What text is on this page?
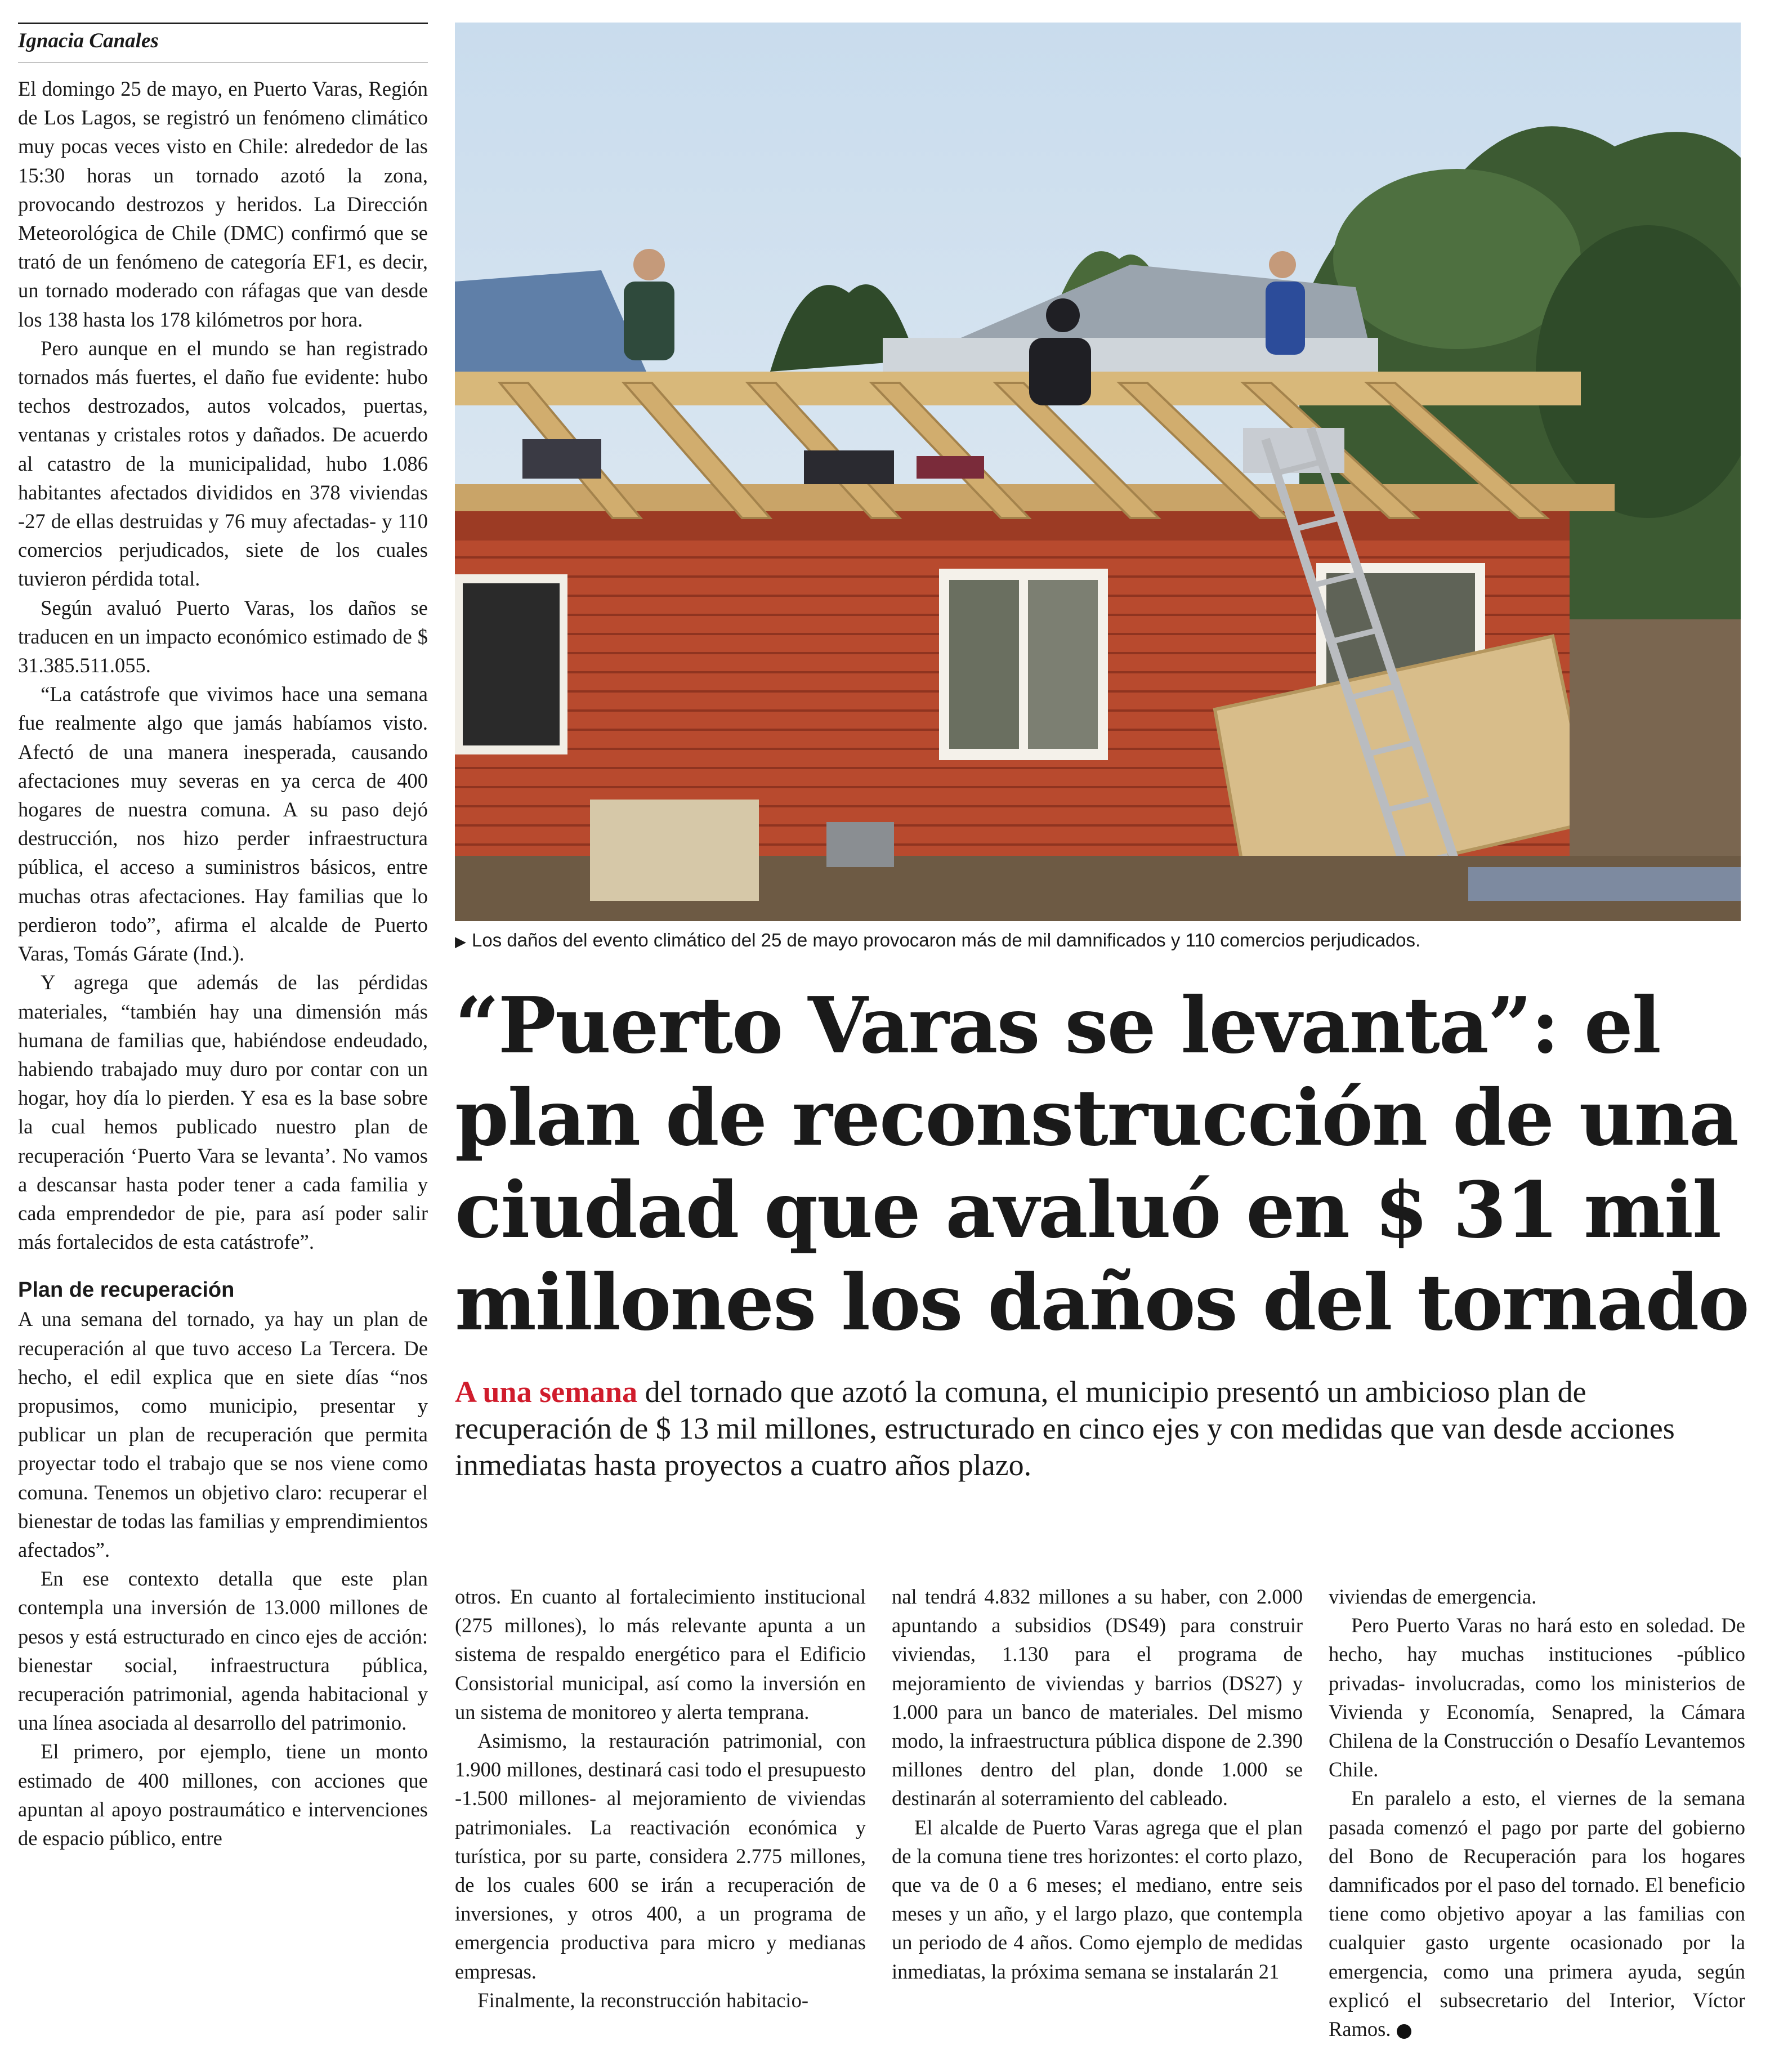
Ignacia Canales

El domingo 25 de mayo, en Puerto Varas, Región de Los Lagos, se registró un fenómeno climático muy pocas veces visto en Chile: alrededor de las 15:30 horas un tornado azotó la zona, provocando destrozos y heridos. La Dirección Meteorológica de Chile (DMC) confirmó que se trató de un fenómeno de categoría EF1, es decir, un tornado moderado con ráfagas que van desde los 138 hasta los 178 kilómetros por hora.

Pero aunque en el mundo se han registrado tornados más fuertes, el daño fue evidente: hubo techos destrozados, autos volcados, puertas, ventanas y cristales rotos y dañados. De acuerdo al catastro de la municipalidad, hubo 1.086 habitantes afectados divididos en 378 viviendas -27 de ellas destruidas y 76 muy afectadas- y 110 comercios perjudicados, siete de los cuales tuvieron pérdida total.

Según avaluó Puerto Varas, los daños se traducen en un impacto económico estimado de $ 31.385.511.055.

“La catástrofe que vivimos hace una semana fue realmente algo que jamás habíamos visto. Afectó de una manera inesperada, causando afectaciones muy severas en ya cerca de 400 hogares de nuestra comuna. A su paso dejó destrucción, nos hizo perder infraestructura pública, el acceso a suministros básicos, entre muchas otras afectaciones. Hay familias que lo perdieron todo”, afirma el alcalde de Puerto Varas, Tomás Gárate (Ind.).

Y agrega que además de las pérdidas materiales, “también hay una dimensión más humana de familias que, habiéndose endeudado, habiendo trabajado muy duro por contar con un hogar, hoy día lo pierden. Y esa es la base sobre la cual hemos publicado nuestro plan de recuperación ‘Puerto Vara se levanta’. No vamos a descansar hasta poder tener a cada familia y cada emprendedor de pie, para así poder salir más fortalecidos de esta catástrofe”.

Plan de recuperación

A una semana del tornado, ya hay un plan de recuperación al que tuvo acceso La Tercera. De hecho, el edil explica que en siete días “nos propusimos, como municipio, presentar y publicar un plan de recuperación que permita proyectar todo el trabajo que se nos viene como comuna. Tenemos un objetivo claro: recuperar el bienestar de todas las familias y emprendimientos afectados”.

En ese contexto detalla que este plan contempla una inversión de 13.000 millones de pesos y está estructurado en cinco ejes de acción: bienestar social, infraestructura pública, recuperación patrimonial, agenda habitacional y una línea asociada al desarrollo del patrimonio.

El primero, por ejemplo, tiene un monto estimado de 400 millones, con acciones que apuntan al apoyo postraumático e intervenciones de espacio público, entre

▶ Los daños del evento climático del 25 de mayo provocaron más de mil damnificados y 110 comercios perjudicados.
“Puerto Varas se levanta”: el plan de reconstrucción de una ciudad que avaluó en $ 31 mil millones los daños del tornado
A una semana del tornado que azotó la comuna, el municipio presentó un ambicioso plan de recuperación de $ 13 mil millones, estructurado en cinco ejes y con medidas que van desde acciones inmediatas hasta proyectos a cuatro años plazo.

otros. En cuanto al fortalecimiento institucional (275 millones), lo más relevante apunta a un sistema de respaldo energético para el Edificio Consistorial municipal, así como la inversión en un sistema de monitoreo y alerta temprana.

Asimismo, la restauración patrimonial, con 1.900 millones, destinará casi todo el presupuesto -1.500 millones- al mejoramiento de viviendas patrimoniales. La reactivación económica y turística, por su parte, considera 2.775 millones, de los cuales 600 se irán a recuperación de inversiones, y otros 400, a un programa de emergencia productiva para micro y medianas empresas.

Finalmente, la reconstrucción habitacio-

nal tendrá 4.832 millones a su haber, con 2.000 apuntando a subsidios (DS49) para construir viviendas, 1.130 para el programa de mejoramiento de viviendas y barrios (DS27) y 1.000 para un banco de materiales. Del mismo modo, la infraestructura pública dispone de 2.390 millones dentro del plan, donde 1.000 se destinarán al soterramiento del cableado.

El alcalde de Puerto Varas agrega que el plan de la comuna tiene tres horizontes: el corto plazo, que va de 0 a 6 meses; el mediano, entre seis meses y un año, y el largo plazo, que contempla un periodo de 4 años. Como ejemplo de medidas inmediatas, la próxima semana se instalarán 21

viviendas de emergencia.

Pero Puerto Varas no hará esto en soledad. De hecho, hay muchas instituciones -público privadas- involucradas, como los ministerios de Vivienda y Economía, Senapred, la Cámara Chilena de la Construcción o Desafío Levantemos Chile.

En paralelo a esto, el viernes de la semana pasada comenzó el pago por parte del gobierno del Bono de Recuperación para los hogares damnificados por el paso del tornado. El beneficio tiene como objetivo apoyar a las familias con cualquier gasto urgente ocasionado por la emergencia, como una primera ayuda, según explicó el subsecretario del Interior, Víctor Ramos.
